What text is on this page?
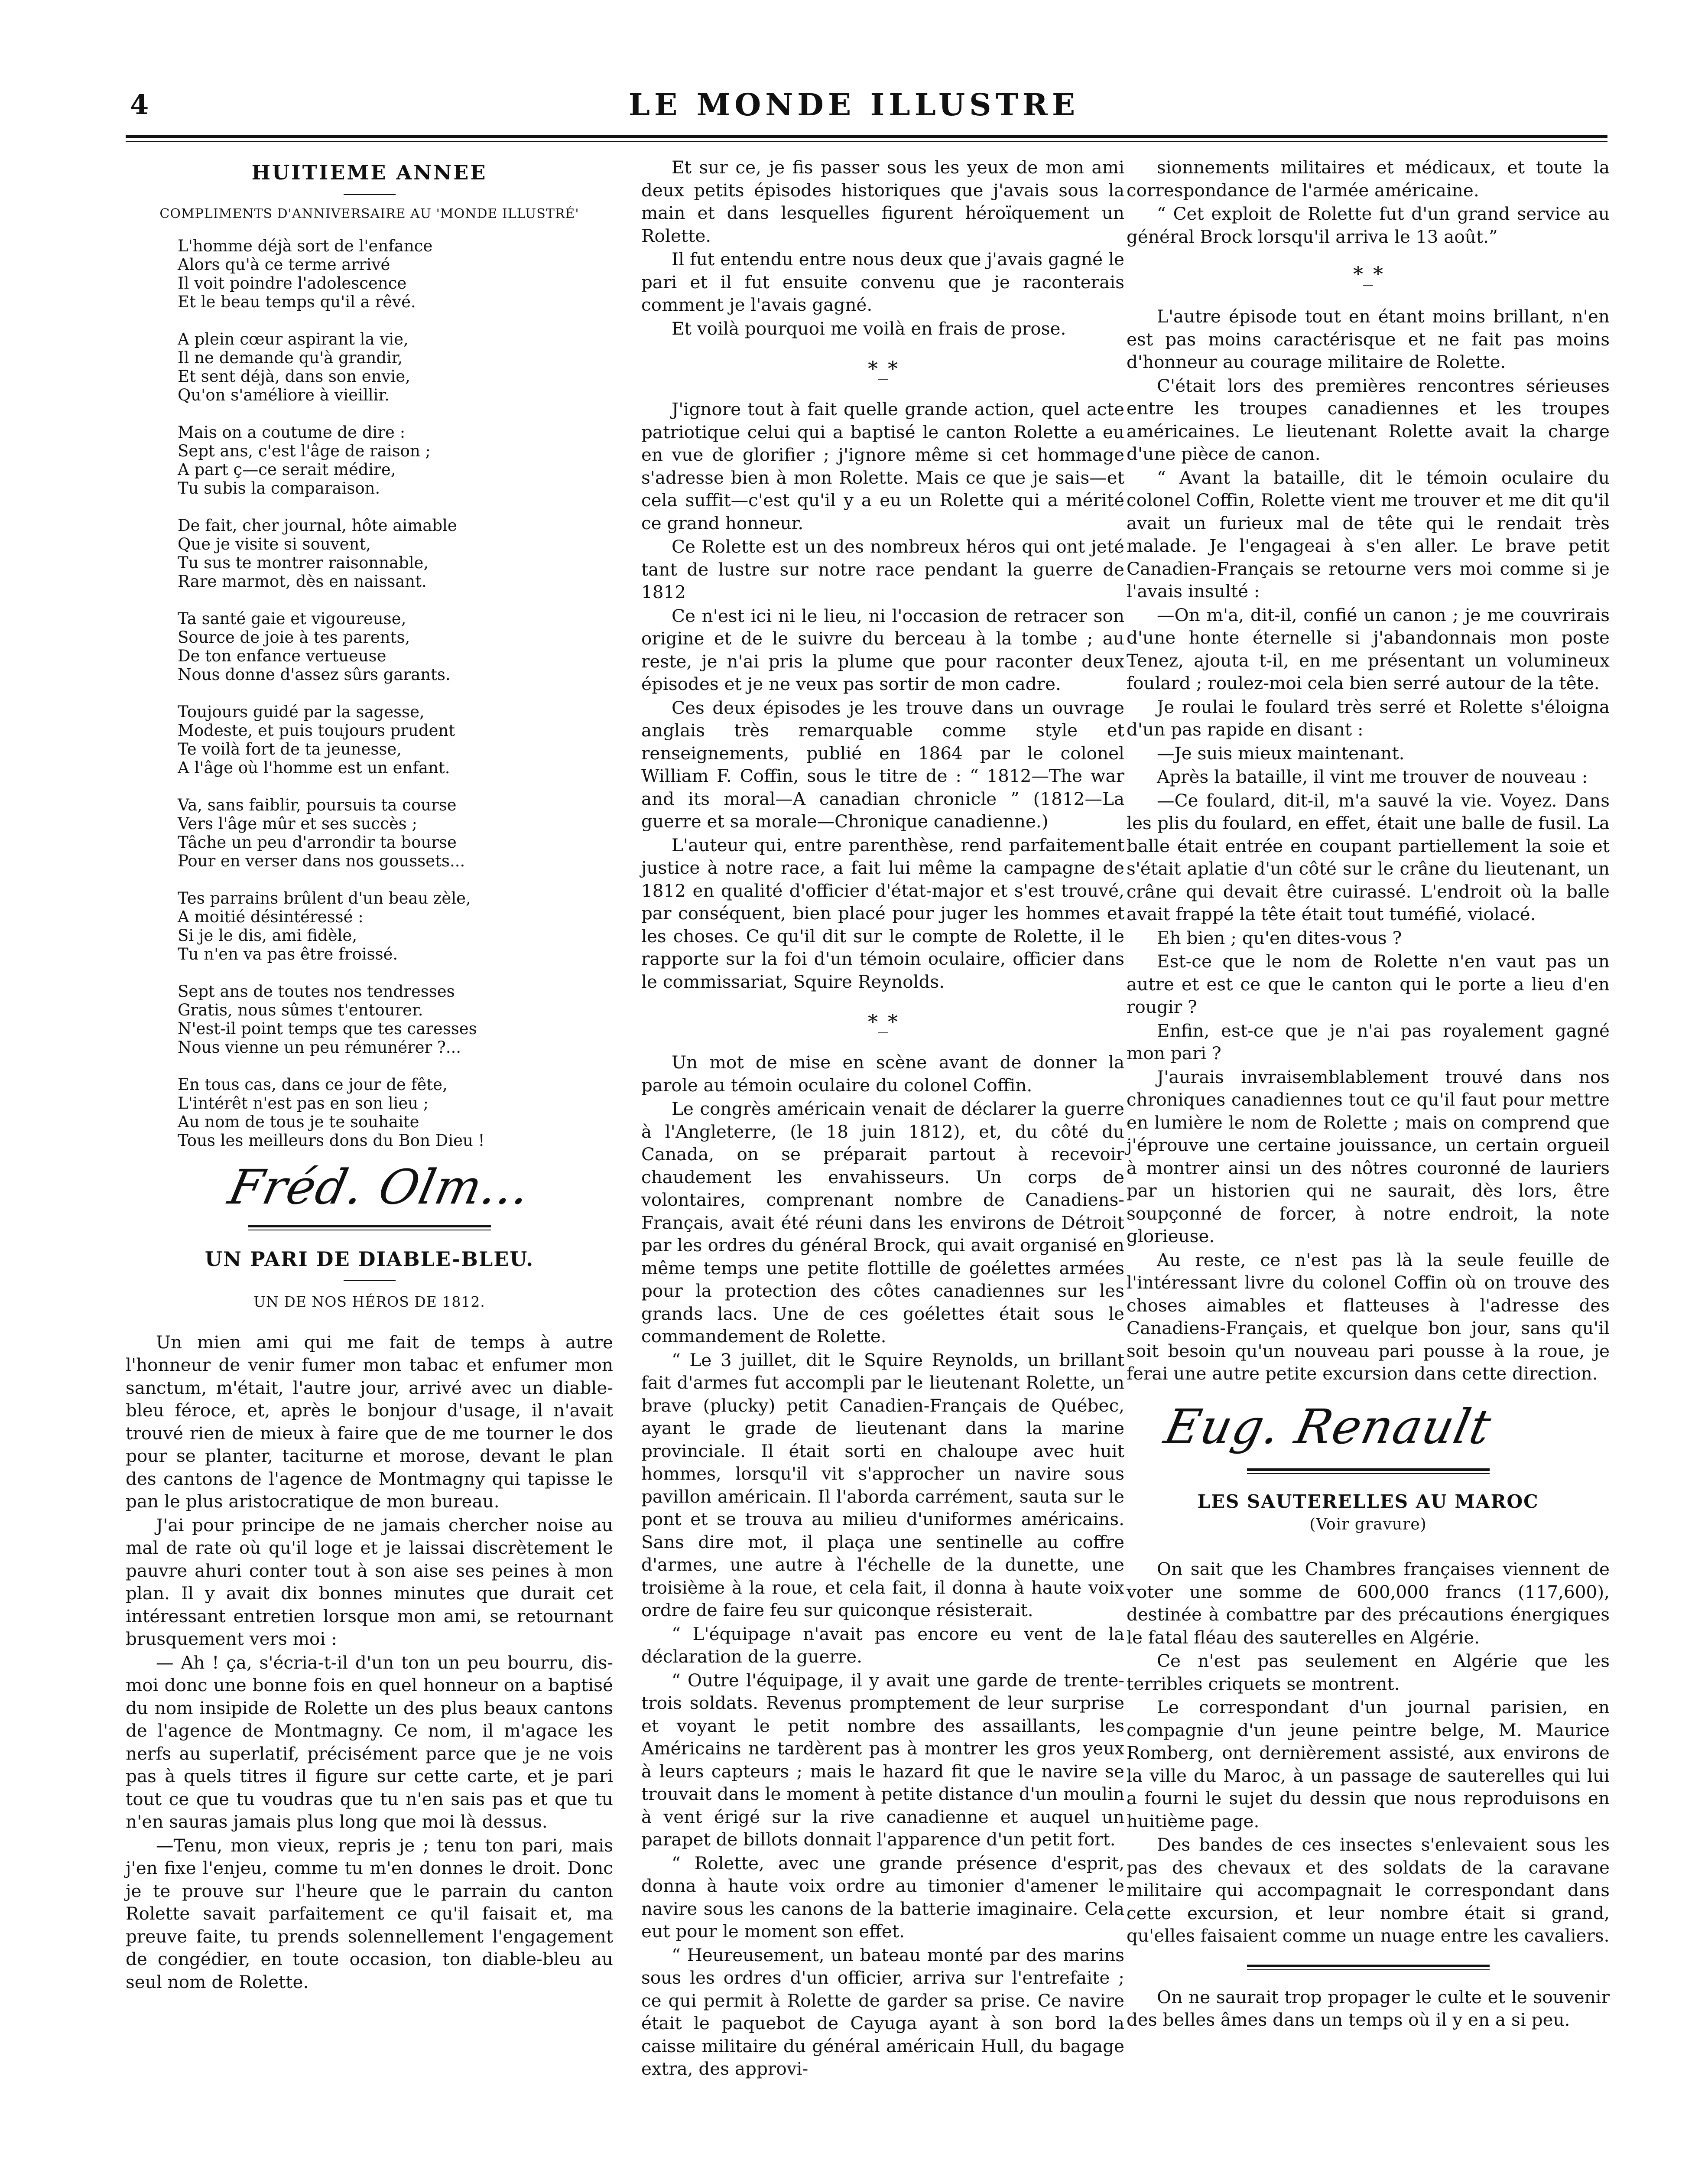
4	LE MONDE ILLUSTRE
HUITIEME ANNEE
COMPLIMENTS D'ANNIVERSAIRE AU 'MONDE ILLUSTRÉ'
L'homme déjà sort de l'enfance
Alors qu'à ce terme arrivé
Il voit poindre l'adolescence
Et le beau temps qu'il a rêvé.
A plein cœur aspirant la vie,
Il ne demande qu'à grandir,
Et sent déjà, dans son envie,
Qu'on s'améliore à vieillir.
Mais on a coutume de dire :
Sept ans, c'est l'âge de raison ;
A part ç—ce serait médire,
Tu subis la comparaison.
De fait, cher journal, hôte aimable
Que je visite si souvent,
Tu sus te montrer raisonnable,
Rare marmot, dès en naissant.
Ta santé gaie et vigoureuse,
Source de joie à tes parents,
De ton enfance vertueuse
Nous donne d'assez sûrs garants.
Toujours guidé par la sagesse,
Modeste, et puis toujours prudent
Te voilà fort de ta jeunesse,
A l'âge où l'homme est un enfant.
Va, sans faiblir, poursuis ta course
Vers l'âge mûr et ses succès ;
Tâche un peu d'arrondir ta bourse
Pour en verser dans nos goussets...
Tes parrains brûlent d'un beau zèle,
A moitié désintéressé :
Si je le dis, ami fidèle,
Tu n'en va pas être froissé.
Sept ans de toutes nos tendresses
Gratis, nous sûmes t'entourer.
N'est-il point temps que tes caresses
Nous vienne un peu rémunérer ?...
En tous cas, dans ce jour de fête,
L'intérêt n'est pas en son lieu ;
Au nom de tous je te souhaite
Tous les meilleurs dons du Bon Dieu !
Fréd. Olm...
UN PARI DE DIABLE-BLEU.
UN DE NOS HÉROS DE 1812.

Un mien ami qui me fait de temps à autre l'honneur de venir fumer mon tabac et enfumer mon sanctum, m'était, l'autre jour, arrivé avec un diable-bleu féroce, et, après le bonjour d'usage, il n'avait trouvé rien de mieux à faire que de me tourner le dos pour se planter, taciturne et morose, devant le plan des cantons de l'agence de Montmagny qui tapisse le pan le plus aristocratique de mon bureau.

J'ai pour principe de ne jamais chercher noise au mal de rate où qu'il loge et je laissai discrètement le pauvre ahuri conter tout à son aise ses peines à mon plan. Il y avait dix bonnes minutes que durait cet intéressant entretien lorsque mon ami, se retournant brusquement vers moi :

— Ah ! ça, s'écria-t-il d'un ton un peu bourru, dis-moi donc une bonne fois en quel honneur on a baptisé du nom insipide de Rolette un des plus beaux cantons de l'agence de Montmagny. Ce nom, il m'agace les nerfs au superlatif, précisément parce que je ne vois pas à quels titres il figure sur cette carte, et je pari tout ce que tu voudras que tu n'en sais pas et que tu n'en sauras jamais plus long que moi là dessus.

—Tenu, mon vieux, repris je ; tenu ton pari, mais j'en fixe l'enjeu, comme tu m'en donnes le droit. Donc je te prouve sur l'heure que le parrain du canton Rolette savait parfaitement ce qu'il faisait et, ma preuve faite, tu prends solennellement l'engagement de congédier, en toute occasion, ton diable-bleu au seul nom de Rolette.

Et sur ce, je fis passer sous les yeux de mon ami deux petits épisodes historiques que j'avais sous la main et dans lesquelles figurent héroïquement un Rolette.

Il fut entendu entre nous deux que j'avais gagné le pari et il fut ensuite convenu que je raconterais comment je l'avais gagné.

Et voilà pourquoi me voilà en frais de prose.

*_*

J'ignore tout à fait quelle grande action, quel acte patriotique celui qui a baptisé le canton Rolette a eu en vue de glorifier ; j'ignore même si cet hommage s'adresse bien à mon Rolette. Mais ce que je sais—et cela suffit—c'est qu'il y a eu un Rolette qui a mérité ce grand honneur.

Ce Rolette est un des nombreux héros qui ont jeté tant de lustre sur notre race pendant la guerre de 1812

Ce n'est ici ni le lieu, ni l'occasion de retracer son origine et de le suivre du berceau à la tombe ; au reste, je n'ai pris la plume que pour raconter deux épisodes et je ne veux pas sortir de mon cadre.

Ces deux épisodes je les trouve dans un ouvrage anglais très remarquable comme style et renseignements, publié en 1864 par le colonel William F. Coffin, sous le titre de : “ 1812—The war and its moral—A canadian chronicle ” (1812—La guerre et sa morale—Chronique canadienne.)

L'auteur qui, entre parenthèse, rend parfaitement justice à notre race, a fait lui même la campagne de 1812 en qualité d'officier d'état-major et s'est trouvé, par conséquent, bien placé pour juger les hommes et les choses. Ce qu'il dit sur le compte de Rolette, il le rapporte sur la foi d'un témoin oculaire, officier dans le commissariat, Squire Reynolds.

*_*

Un mot de mise en scène avant de donner la parole au témoin oculaire du colonel Coffin.

Le congrès américain venait de déclarer la guerre à l'Angleterre, (le 18 juin 1812), et, du côté du Canada, on se préparait partout à recevoir chaudement les envahisseurs. Un corps de volontaires, comprenant nombre de Canadiens-Français, avait été réuni dans les environs de Détroit par les ordres du général Brock, qui avait organisé en même temps une petite flottille de goélettes armées pour la protection des côtes canadiennes sur les grands lacs. Une de ces goélettes était sous le commandement de Rolette.

“ Le 3 juillet, dit le Squire Reynolds, un brillant fait d'armes fut accompli par le lieutenant Rolette, un brave (plucky) petit Canadien-Français de Québec, ayant le grade de lieutenant dans la marine provinciale. Il était sorti en chaloupe avec huit hommes, lorsqu'il vit s'approcher un navire sous pavillon américain. Il l'aborda carrément, sauta sur le pont et se trouva au milieu d'uniformes américains. Sans dire mot, il plaça une sentinelle au coffre d'armes, une autre à l'échelle de la dunette, une troisième à la roue, et cela fait, il donna à haute voix ordre de faire feu sur quiconque résisterait.

“ L'équipage n'avait pas encore eu vent de la déclaration de la guerre.

“ Outre l'équipage, il y avait une garde de trente-trois soldats. Revenus promptement de leur surprise et voyant le petit nombre des assaillants, les Américains ne tardèrent pas à montrer les gros yeux à leurs capteurs ; mais le hazard fit que le navire se trouvait dans le moment à petite distance d'un moulin à vent érigé sur la rive canadienne et auquel un parapet de billots donnait l'apparence d'un petit fort.

“ Rolette, avec une grande présence d'esprit, donna à haute voix ordre au timonier d'amener le navire sous les canons de la batterie imaginaire. Cela eut pour le moment son effet.

“ Heureusement, un bateau monté par des marins sous les ordres d'un officier, arriva sur l'entrefaite ; ce qui permit à Rolette de garder sa prise. Ce navire était le paquebot de Cayuga ayant à son bord la caisse militaire du général américain Hull, du bagage extra, des approvi-

sionnements militaires et médicaux, et toute la correspondance de l'armée américaine.

“ Cet exploit de Rolette fut d'un grand service au général Brock lorsqu'il arriva le 13 août.”

*_*

L'autre épisode tout en étant moins brillant, n'en est pas moins caractérisque et ne fait pas moins d'honneur au courage militaire de Rolette.

C'était lors des premières rencontres sérieuses entre les troupes canadiennes et les troupes américaines. Le lieutenant Rolette avait la charge d'une pièce de canon.

“ Avant la bataille, dit le témoin oculaire du colonel Coffin, Rolette vient me trouver et me dit qu'il avait un furieux mal de tête qui le rendait très malade. Je l'engageai à s'en aller. Le brave petit Canadien-Français se retourne vers moi comme si je l'avais insulté :

—On m'a, dit-il, confié un canon ; je me couvrirais d'une honte éternelle si j'abandonnais mon poste Tenez, ajouta t-il, en me présentant un volumineux foulard ; roulez-moi cela bien serré autour de la tête.

Je roulai le foulard très serré et Rolette s'éloigna d'un pas rapide en disant :

—Je suis mieux maintenant.

Après la bataille, il vint me trouver de nouveau :

—Ce foulard, dit-il, m'a sauvé la vie. Voyez. Dans les plis du foulard, en effet, était une balle de fusil. La balle était entrée en coupant partiellement la soie et s'était aplatie d'un côté sur le crâne du lieutenant, un crâne qui devait être cuirassé. L'endroit où la balle avait frappé la tête était tout tuméfié, violacé.

Eh bien ; qu'en dites-vous ?

Est-ce que le nom de Rolette n'en vaut pas un autre et est ce que le canton qui le porte a lieu d'en rougir ?

Enfin, est-ce que je n'ai pas royalement gagné mon pari ?

J'aurais invraisemblablement trouvé dans nos chroniques canadiennes tout ce qu'il faut pour mettre en lumière le nom de Rolette ; mais on comprend que j'éprouve une certaine jouissance, un certain orgueil à montrer ainsi un des nôtres couronné de lauriers par un historien qui ne saurait, dès lors, être soupçonné de forcer, à notre endroit, la note glorieuse.

Au reste, ce n'est pas là la seule feuille de l'intéressant livre du colonel Coffin où on trouve des choses aimables et flatteuses à l'adresse des Canadiens-Français, et quelque bon jour, sans qu'il soit besoin qu'un nouveau pari pousse à la roue, je ferai une autre petite excursion dans cette direction.

Eug. Renault
LES SAUTERELLES AU MAROC
(Voir gravure)

On sait que les Chambres françaises viennent de voter une somme de 600,000 francs (117,600), destinée à combattre par des précautions énergiques le fatal fléau des sauterelles en Algérie.

Ce n'est pas seulement en Algérie que les terribles criquets se montrent.

Le correspondant d'un journal parisien, en compagnie d'un jeune peintre belge, M. Maurice Romberg, ont dernièrement assisté, aux environs de la ville du Maroc, à un passage de sauterelles qui lui a fourni le sujet du dessin que nous reproduisons en huitième page.

Des bandes de ces insectes s'enlevaient sous les pas des chevaux et des soldats de la caravane militaire qui accompagnait le correspondant dans cette excursion, et leur nombre était si grand, qu'elles faisaient comme un nuage entre les cavaliers.

On ne saurait trop propager le culte et le souvenir des belles âmes dans un temps où il y en a si peu.
